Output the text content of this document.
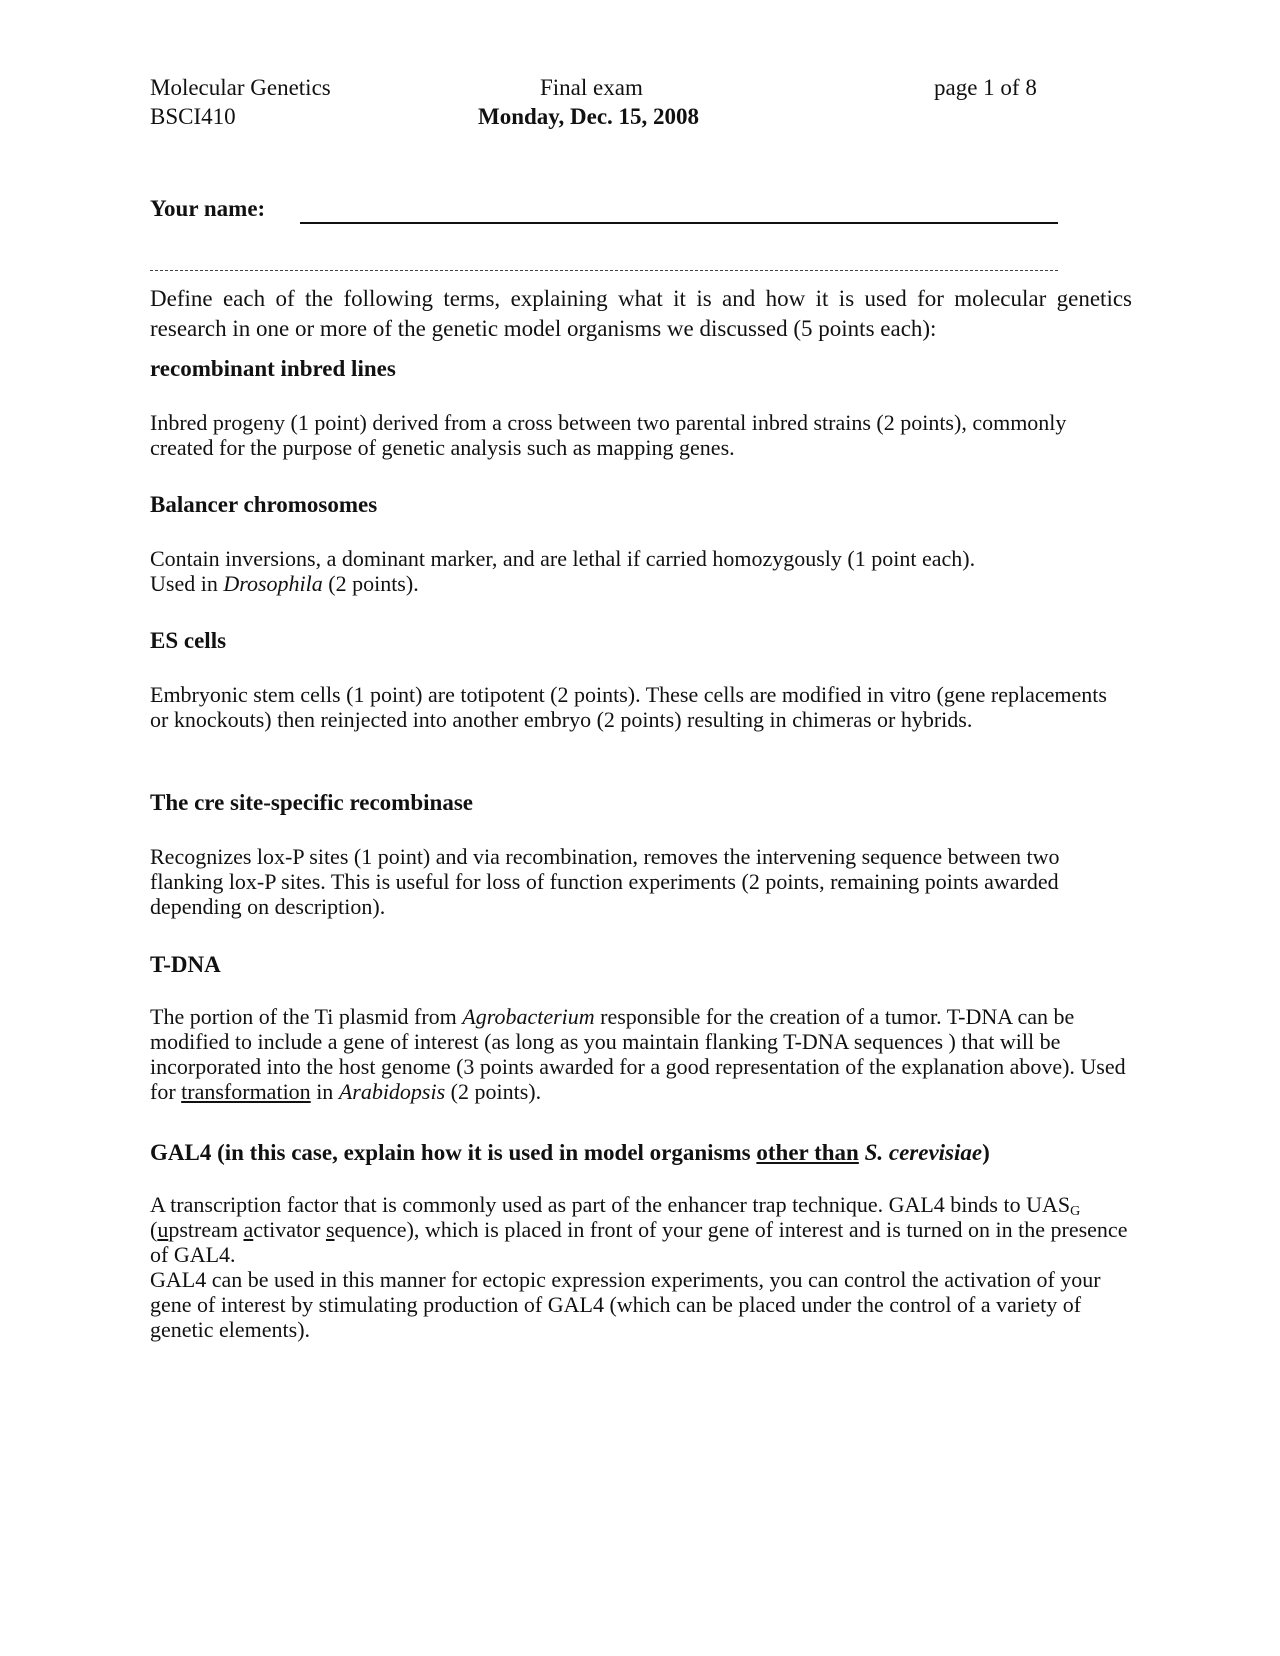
Molecular Genetics
BSCI410
Final exam
Monday, Dec. 15, 2008
page 1 of 8
Your name:
Define each of the following terms, explaining what it is and how it is used for molecular genetics research in one or more of the genetic model organisms we discussed (5 points each):
recombinant inbred lines
Inbred progeny (1 point) derived from a cross between two parental inbred strains (2 points), commonly created for the purpose of genetic analysis such as mapping genes.
Balancer chromosomes

Contain inversions, a dominant marker, and are lethal if carried homozygously (1 point each).

Used in Drosophila (2 points).

ES cells
Embryonic stem cells (1 point) are totipotent (2 points). These cells are modified in vitro (gene replacements or knockouts) then reinjected into another embryo (2 points) resulting in chimeras or hybrids.
The cre site-specific recombinase
Recognizes lox-P sites (1 point) and via recombination, removes the intervening sequence between two flanking lox-P sites. This is useful for loss of function experiments (2 points, remaining points awarded depending on description).
T-DNA
The portion of the Ti plasmid from Agrobacterium responsible for the creation of a tumor. T-DNA can be modified to include a gene of interest (as long as you maintain flanking T-DNA sequences ) that will be incorporated into the host genome (3 points awarded for a good representation of the explanation above). Used for transformation in Arabidopsis (2 points).
GAL4 (in this case, explain how it is used in model organisms other than S. cerevisiae)

A transcription factor that is commonly used as part of the enhancer trap technique. GAL4 binds to $UAS_G$ (upstream activator sequence), which is placed in front of your gene of interest and is turned on in the presence of GAL4.

GAL4 can be used in this manner for ectopic expression experiments, you can control the activation of your gene of interest by stimulating production of GAL4 (which can be placed under the control of a variety of genetic elements).
